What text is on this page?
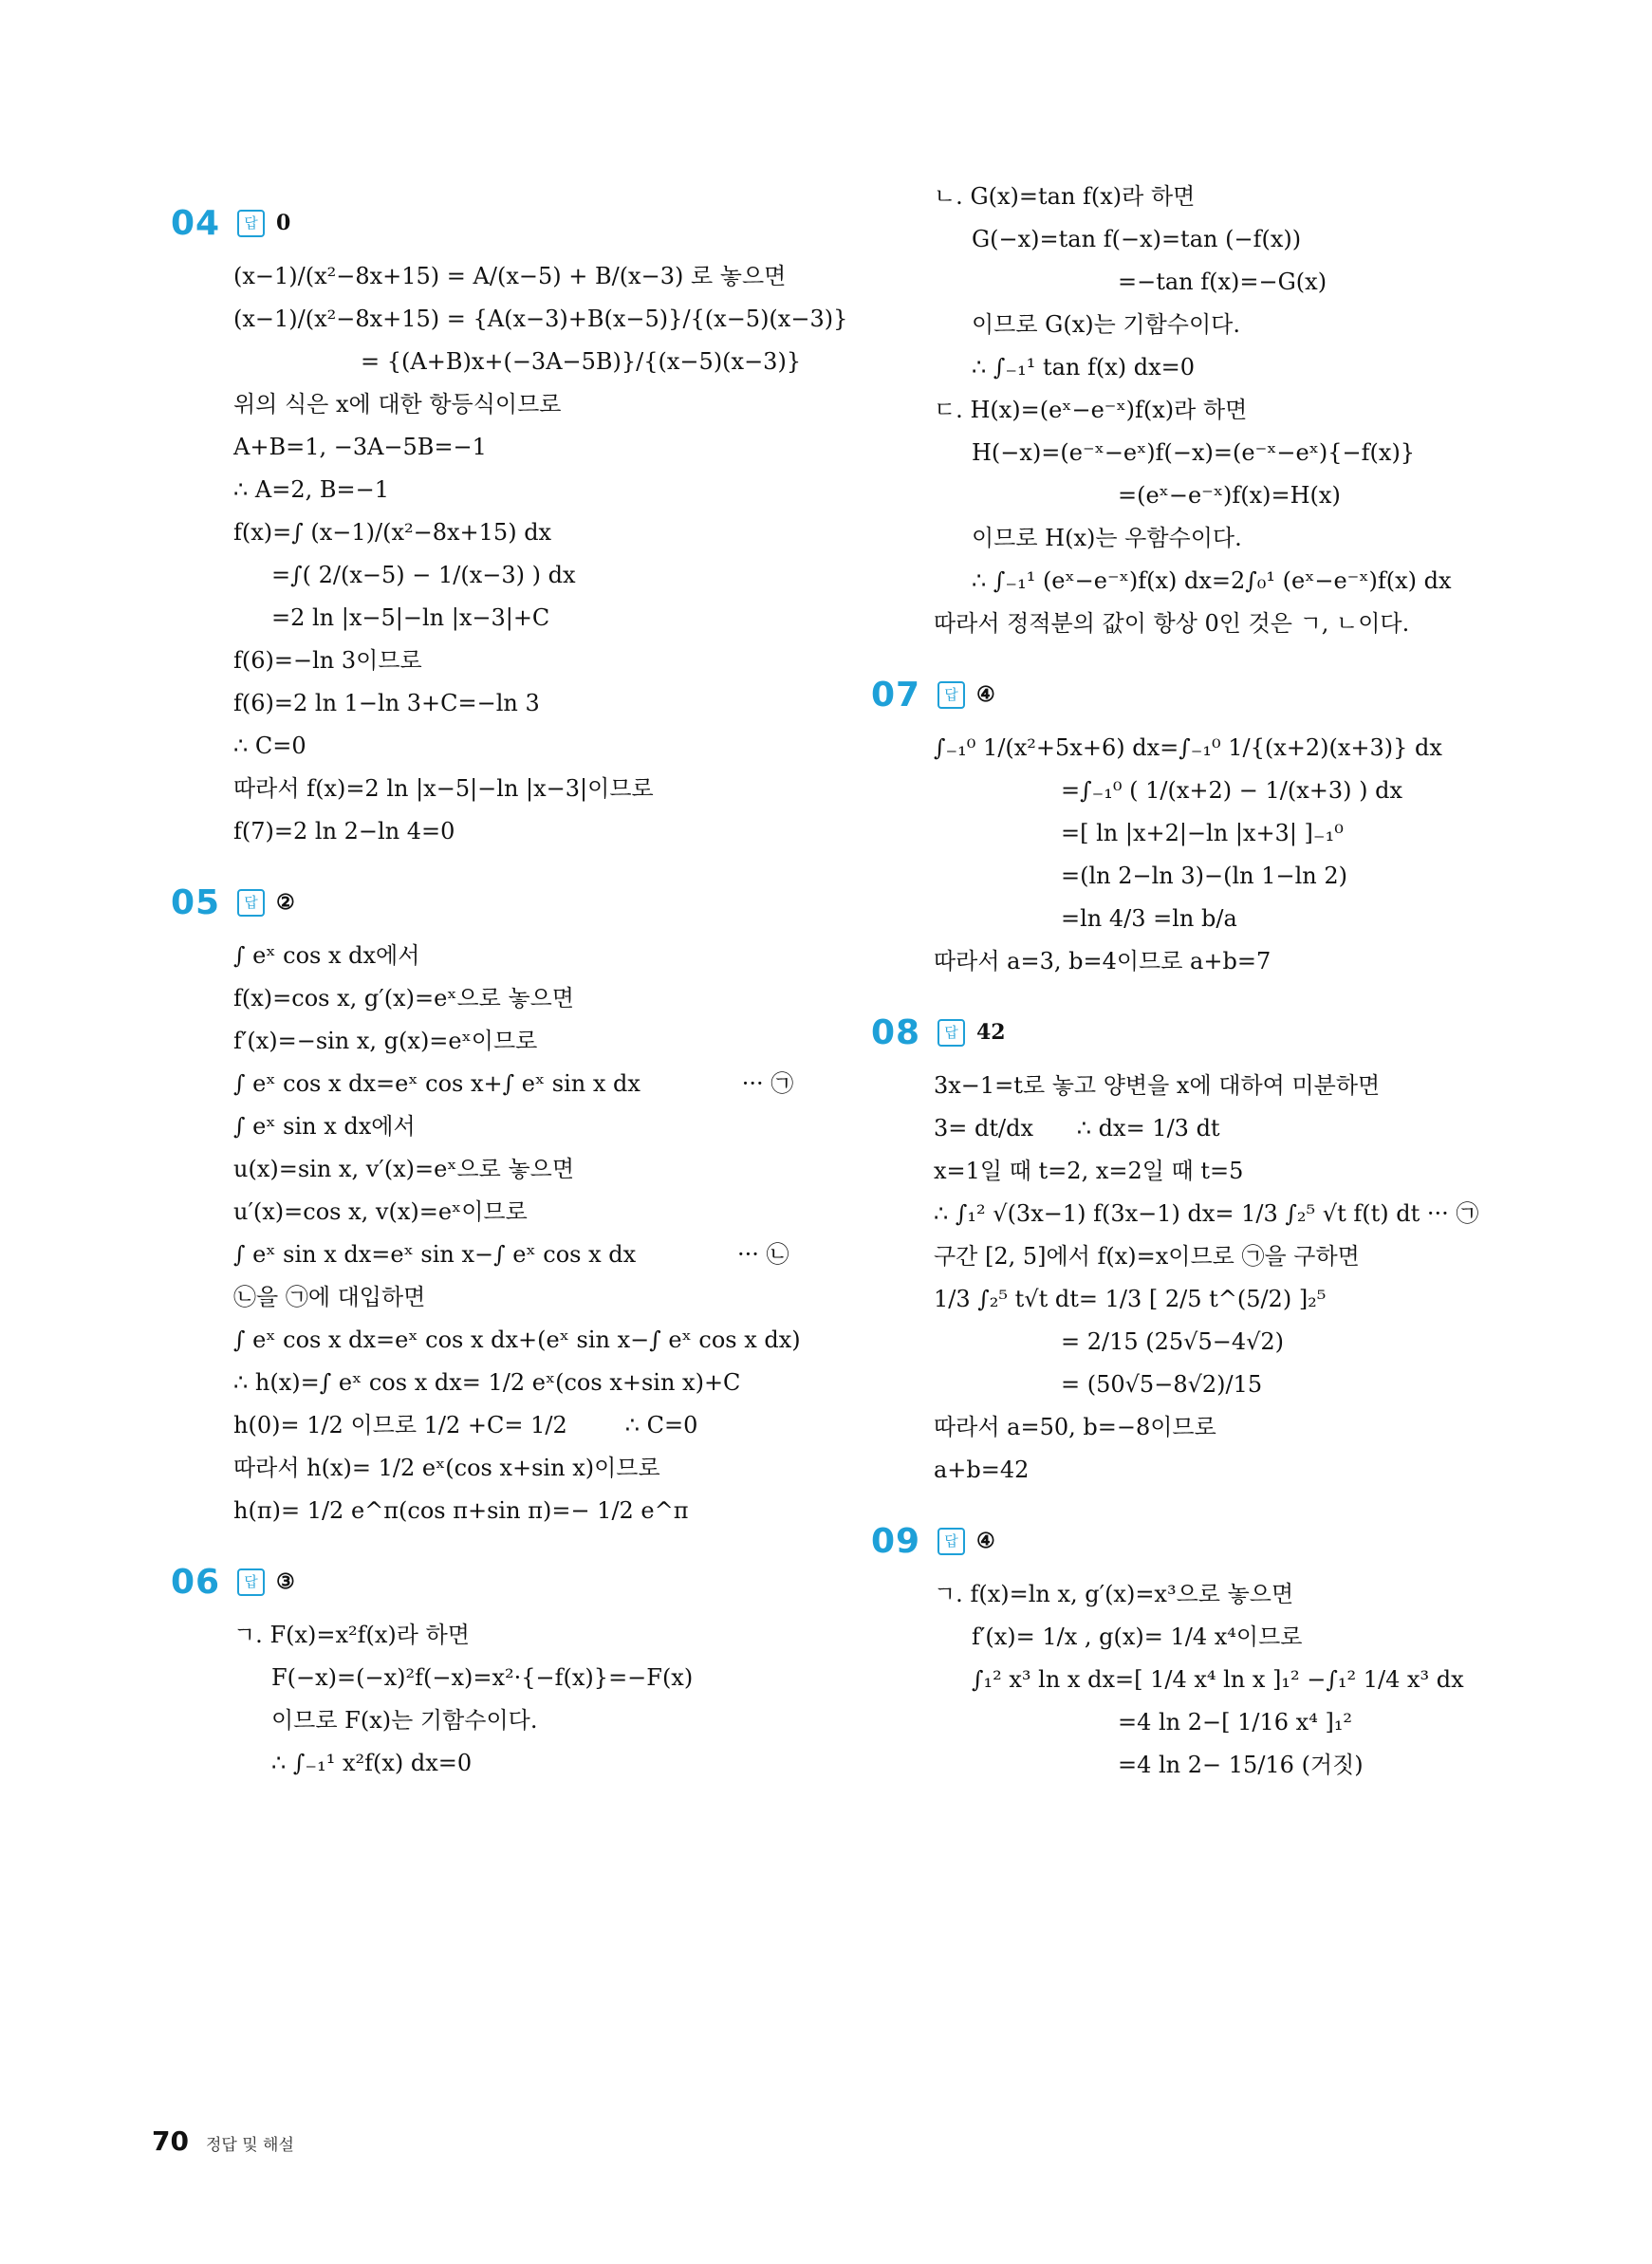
04	답 0
(x−1)/(x²−8x+15) = A/(x−5) + B/(x−3) 로 놓으면
(x−1)/(x²−8x+15) = {A(x−3)+B(x−5)}/{(x−5)(x−3)}
= {(A+B)x+(−3A−5B)}/{(x−5)(x−3)}
위의 식은 x에 대한 항등식이므로
A+B=1, −3A−5B=−1
∴ A=2, B=−1
f(x)=∫ (x−1)/(x²−8x+15) dx
=∫( 2/(x−5) − 1/(x−3) ) dx
=2 ln |x−5|−ln |x−3|+C
f(6)=−ln 3이므로
f(6)=2 ln 1−ln 3+C=−ln 3
∴ C=0
따라서 f(x)=2 ln |x−5|−ln |x−3|이므로
f(7)=2 ln 2−ln 4=0
05	답 ②
∫ eˣ cos x dx에서
f(x)=cos x, g′(x)=eˣ으로 놓으면
f′(x)=−sin x, g(x)=eˣ이므로
∫ eˣ cos x dx=eˣ cos x+∫ eˣ sin x dx              ··· ㉠
∫ eˣ sin x dx에서
u(x)=sin x, v′(x)=eˣ으로 놓으면
u′(x)=cos x, v(x)=eˣ이므로
∫ eˣ sin x dx=eˣ sin x−∫ eˣ cos x dx              ··· ㉡
㉡을 ㉠에 대입하면
∫ eˣ cos x dx=eˣ cos x dx+(eˣ sin x−∫ eˣ cos x dx)
∴ h(x)=∫ eˣ cos x dx= 1/2 eˣ(cos x+sin x)+C
h(0)= 1/2 이므로 1/2 +C= 1/2        ∴ C=0
따라서 h(x)= 1/2 eˣ(cos x+sin x)이므로
h(π)= 1/2 e^π(cos π+sin π)=− 1/2 e^π
06	답 ③
ㄱ. F(x)=x²f(x)라 하면
F(−x)=(−x)²f(−x)=x²·{−f(x)}=−F(x)
이므로 F(x)는 기함수이다.
∴ ∫₋₁¹ x²f(x) dx=0
ㄴ. G(x)=tan f(x)라 하면
G(−x)=tan f(−x)=tan (−f(x))
=−tan f(x)=−G(x)
이므로 G(x)는 기함수이다.
∴ ∫₋₁¹ tan f(x) dx=0
ㄷ. H(x)=(eˣ−e⁻ˣ)f(x)라 하면
H(−x)=(e⁻ˣ−eˣ)f(−x)=(e⁻ˣ−eˣ){−f(x)}
=(eˣ−e⁻ˣ)f(x)=H(x)
이므로 H(x)는 우함수이다.
∴ ∫₋₁¹ (eˣ−e⁻ˣ)f(x) dx=2∫₀¹ (eˣ−e⁻ˣ)f(x) dx
따라서 정적분의 값이 항상 0인 것은 ㄱ, ㄴ이다.
07	답 ④
∫₋₁⁰ 1/(x²+5x+6) dx=∫₋₁⁰ 1/{(x+2)(x+3)} dx
=∫₋₁⁰ ( 1/(x+2) − 1/(x+3) ) dx
=[ ln |x+2|−ln |x+3| ]₋₁⁰
=(ln 2−ln 3)−(ln 1−ln 2)
=ln 4/3 =ln b/a
따라서 a=3, b=4이므로 a+b=7
08	답 42
3x−1=t로 놓고 양변을 x에 대하여 미분하면
3= dt/dx      ∴ dx= 1/3 dt
x=1일 때 t=2, x=2일 때 t=5
∴ ∫₁² √(3x−1) f(3x−1) dx= 1/3 ∫₂⁵ √t f(t) dt ··· ㉠
구간 [2, 5]에서 f(x)=x이므로 ㉠을 구하면
1/3 ∫₂⁵ t√t dt= 1/3 [ 2/5 t^(5/2) ]₂⁵
= 2/15 (25√5−4√2)
= (50√5−8√2)/15
따라서 a=50, b=−8이므로
a+b=42
09	답 ④
ㄱ. f(x)=ln x, g′(x)=x³으로 놓으면
f′(x)= 1/x , g(x)= 1/4 x⁴이므로
∫₁² x³ ln x dx=[ 1/4 x⁴ ln x ]₁² −∫₁² 1/4 x³ dx
=4 ln 2−[ 1/16 x⁴ ]₁²
=4 ln 2− 15/16 (거짓)
70 정답 및 해설
